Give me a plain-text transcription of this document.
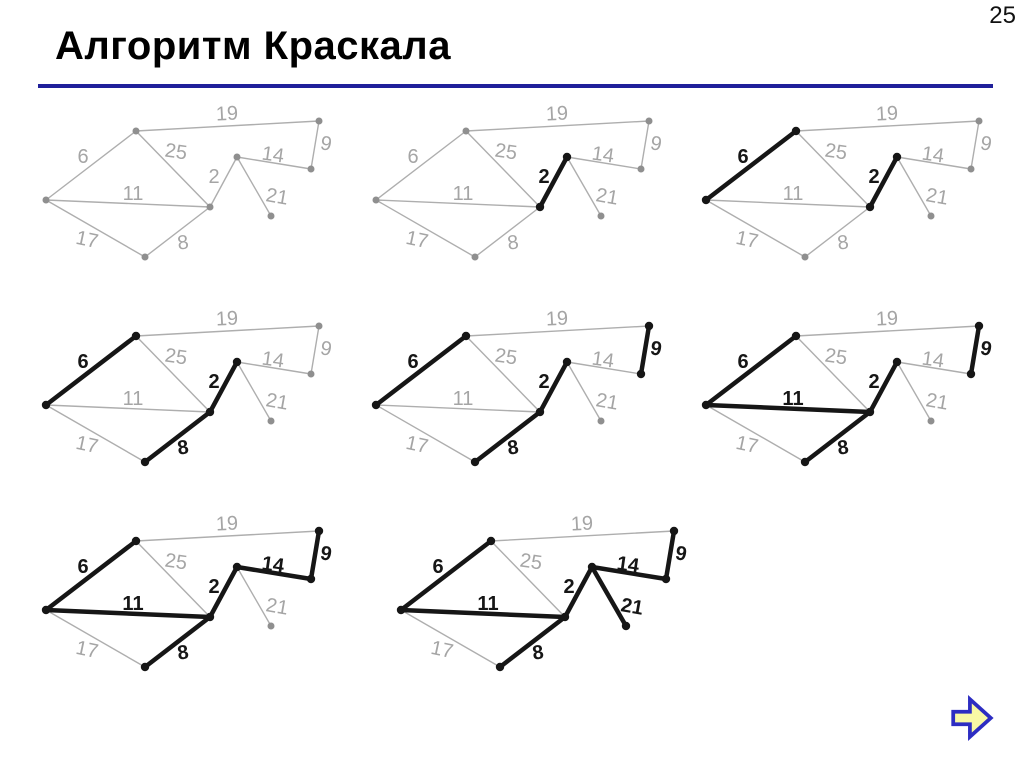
25
Алгоритм Краскала
19
6	25
2
14 9
11	21
17	8
19
6	25
2
14 9
11	21
17	8
19
6	25
2
14 9
11	21
17	8
19
6	25
2
14 9
11	21
17	8
19
6	25
2
14 9
11	21
17	8
19
6	25
2
14 9
11	21
17	8
19
6	25
2
14 9
11	21
17	8
19
6	25
2
14 9
11	21
17	8
